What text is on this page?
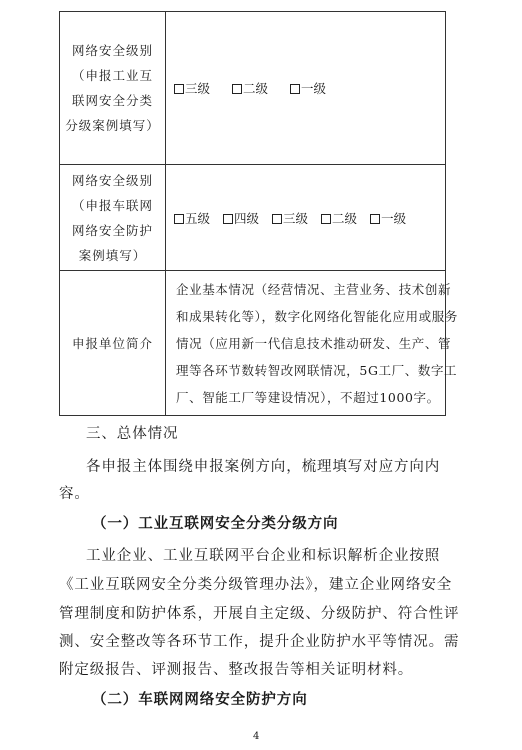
网络安全级别
（申报工业互
联网安全分类
分级案例填写）	三级 二级 一级

网络安全级别
（申报车联网
网络安全防护
案例填写）	五级 四级 三级 二级 一级
申报单位简介	企业基本情况（经营情况、主营业务、技术创新
和成果转化等），数字化网络化智能化应用或服务
情况（应用新一代信息技术推动研发、生产、管
理等各环节数转智改网联情况，5G工厂、数字工
厂、智能工厂等建设情况），不超过1000字。
三、总体情况
各申报主体围绕申报案例方向，梳理填写对应方向内
容。
（一）工业互联网安全分类分级方向
工业企业、工业互联网平台企业和标识解析企业按照
《工业互联网安全分类分级管理办法》，建立企业网络安全
管理制度和防护体系，开展自主定级、分级防护、符合性评
测、安全整改等各环节工作，提升企业防护水平等情况。需
附定级报告、评测报告、整改报告等相关证明材料。
（二）车联网网络安全防护方向
4
